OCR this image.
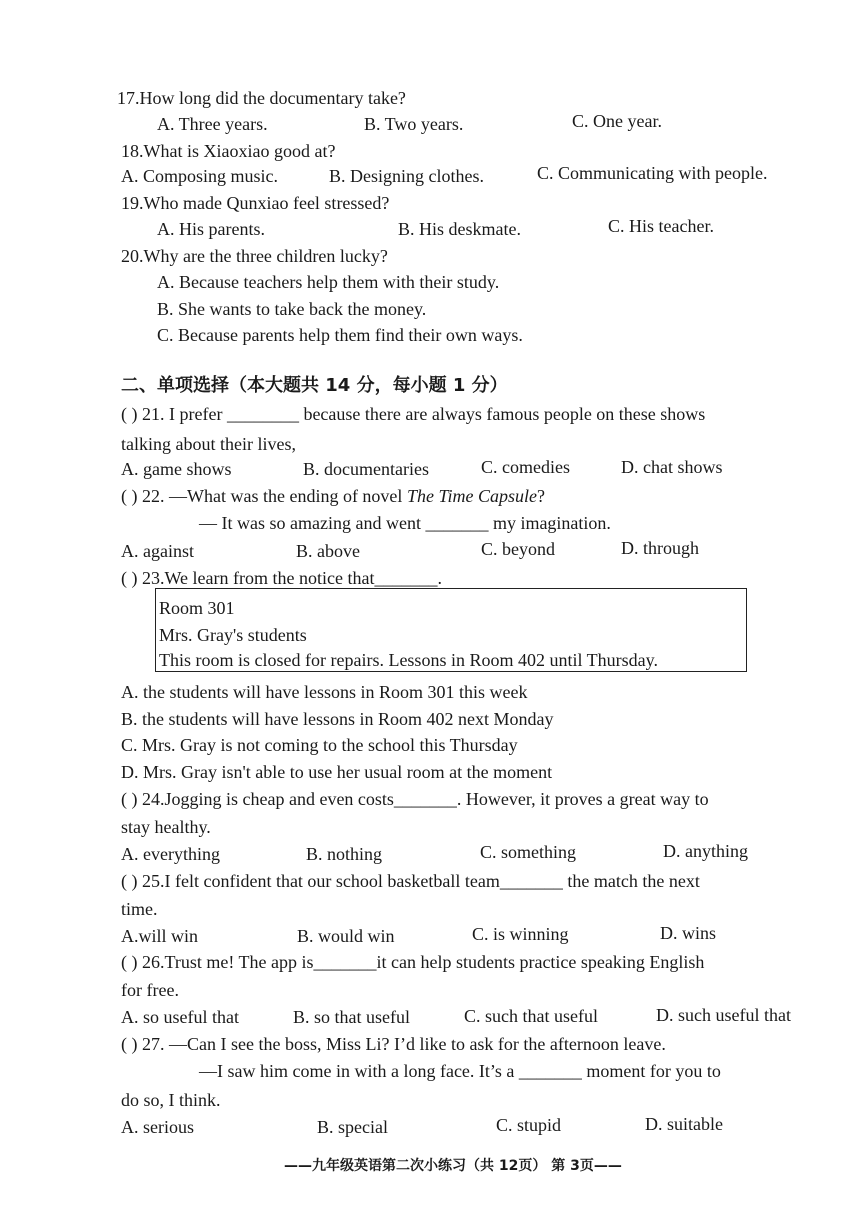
17.How long did the documentary take?
A. Three years.	B. Two years.	C. One year.
18.What is Xiaoxiao good at?
A. Composing music.	B. Designing clothes.	C. Communicating with people.
19.Who made Qunxiao feel stressed?
A. His parents.	B. His deskmate.	C. His teacher.
20.Why are the three children lucky?
A. Because teachers help them with their study.
B. She wants to take back the money.
C. Because parents help them find their own ways.
二、单项选择（本大题共 14 分，每小题 1 分）
( ) 21. I prefer ________ because there are always famous people on these shows
talking about their lives,
A. game shows	B. documentaries	C. comedies	D. chat shows
( ) 22. —What was the ending of novel The Time Capsule?
— It was so amazing and went _______ my imagination.
A. against	B. above	C. beyond	D. through
( ) 23.We learn from the notice that_______.
Room 301
Mrs. Gray's students
This room is closed for repairs. Lessons in Room 402 until Thursday.
A. the students will have lessons in Room 301 this week
B. the students will have lessons in Room 402 next Monday
C. Mrs. Gray is not coming to the school this Thursday
D. Mrs. Gray isn't able to use her usual room at the moment
( ) 24.Jogging is cheap and even costs_______. However, it proves a great way to
stay healthy.
A. everything	B. nothing	C. something	D. anything
( ) 25.I felt confident that our school basketball team_______ the match the next
time.
A.will win	B. would win	C. is winning	D. wins
( ) 26.Trust me! The app is_______it can help students practice speaking English
for free.
A. so useful that	B. so that useful	C. such that useful	D. such useful that
( ) 27. —Can I see the boss, Miss Li? I’d like to ask for the afternoon leave.
—I saw him come in with a long face. It’s a _______ moment for you to
do so, I think.
A. serious	B. special	C. stupid	D. suitable
——九年级英语第二次小练习（共 12页） 第 3页——
